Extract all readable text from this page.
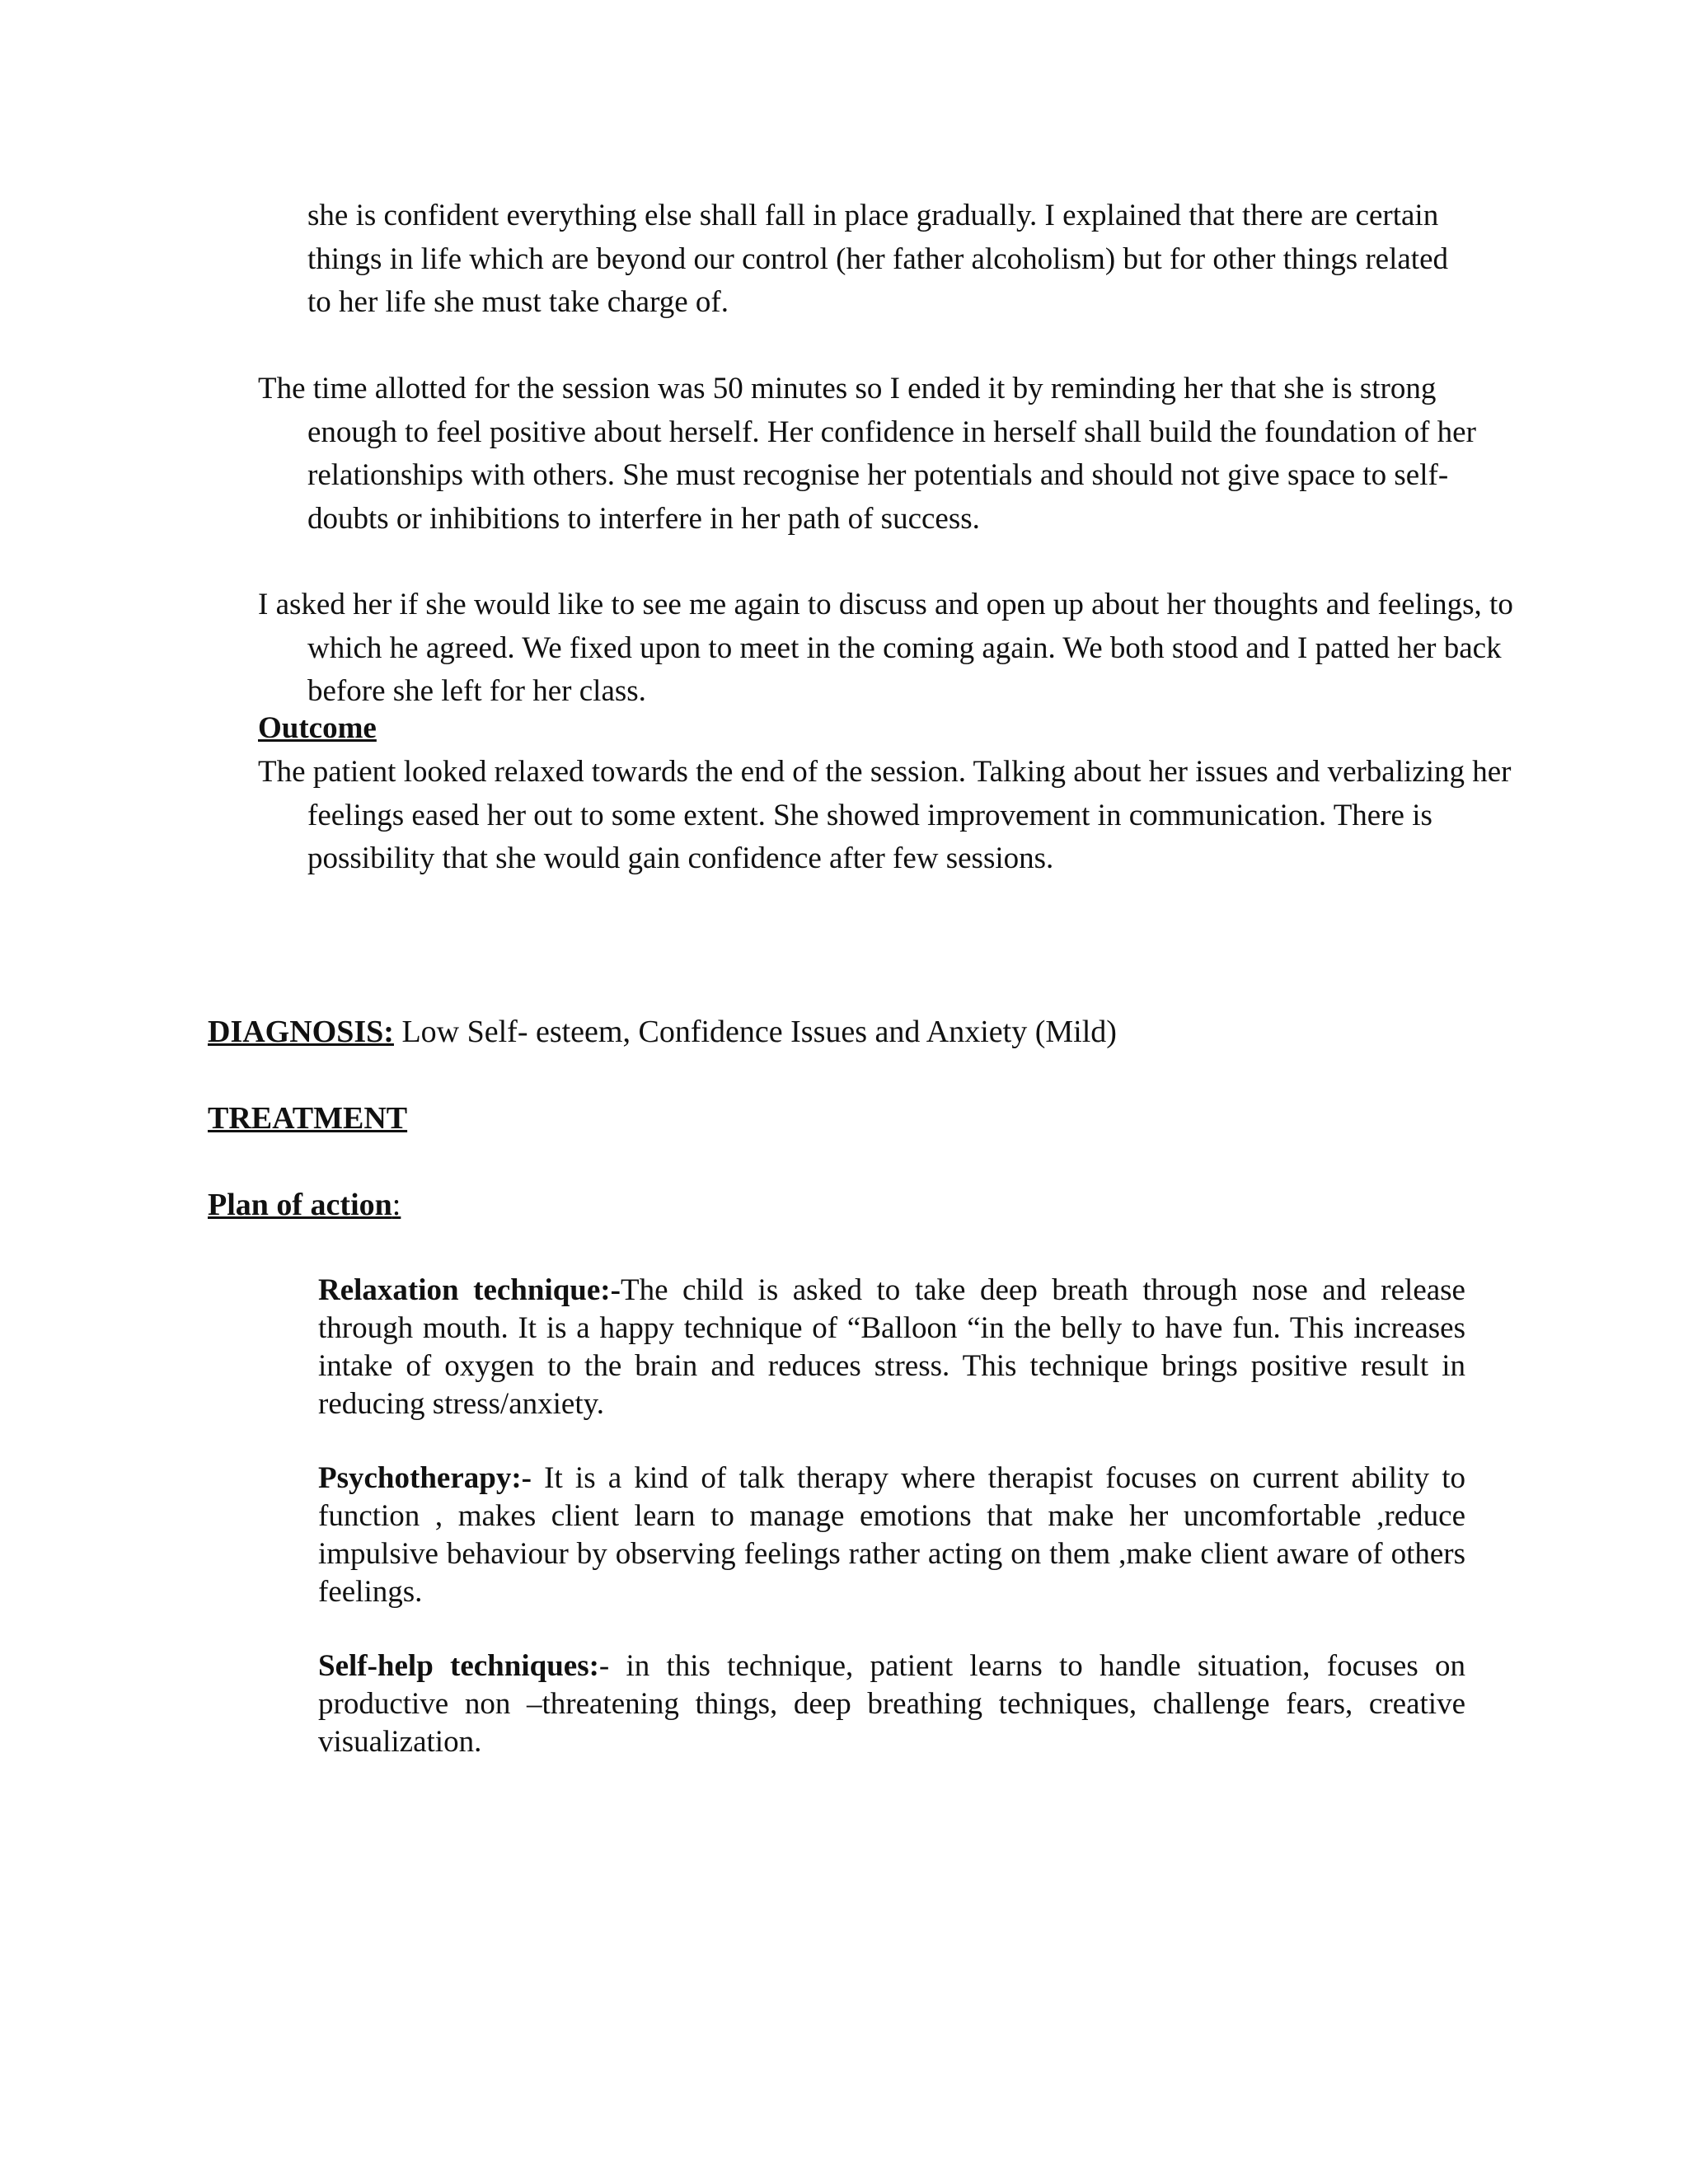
she is confident everything else shall fall in place gradually. I explained that there are certain things in life which are beyond our control (her father alcoholism) but for other things related to her life she must take charge of.

The time allotted for the session was 50 minutes so I ended it by reminding her that she is strong enough to feel positive about herself. Her confidence in herself shall build the foundation of her relationships with others. She must recognise her potentials and should not give space to self-doubts or inhibitions to interfere in her path of success.

I asked her if she would like to see me again to discuss and open up about her thoughts and feelings, to which he agreed. We fixed upon to meet in the coming again. We both stood and I patted her back before she left for her class.

Outcome

The patient looked relaxed towards the end of the session. Talking about her issues and verbalizing her feelings eased her out to some extent. She showed improvement in communication. There is possibility that she would gain confidence after few sessions.

DIAGNOSIS: Low Self- esteem, Confidence Issues and Anxiety (Mild)
TREATMENT
Plan of action:

Relaxation technique:-The child is asked to take deep breath through nose and release through mouth. It is a happy technique of “Balloon “in the belly to have fun. This increases intake of oxygen to the brain and reduces stress. This technique brings positive result in reducing stress/anxiety.

Psychotherapy:- It is a kind of talk therapy where therapist focuses on current ability to function , makes client learn to manage emotions that make her uncomfortable ,reduce impulsive behaviour by observing feelings rather acting on them ,make client aware of others feelings.

Self-help techniques:- in this technique, patient learns to handle situation, focuses on productive non –threatening things, deep breathing techniques, challenge fears, creative visualization.
